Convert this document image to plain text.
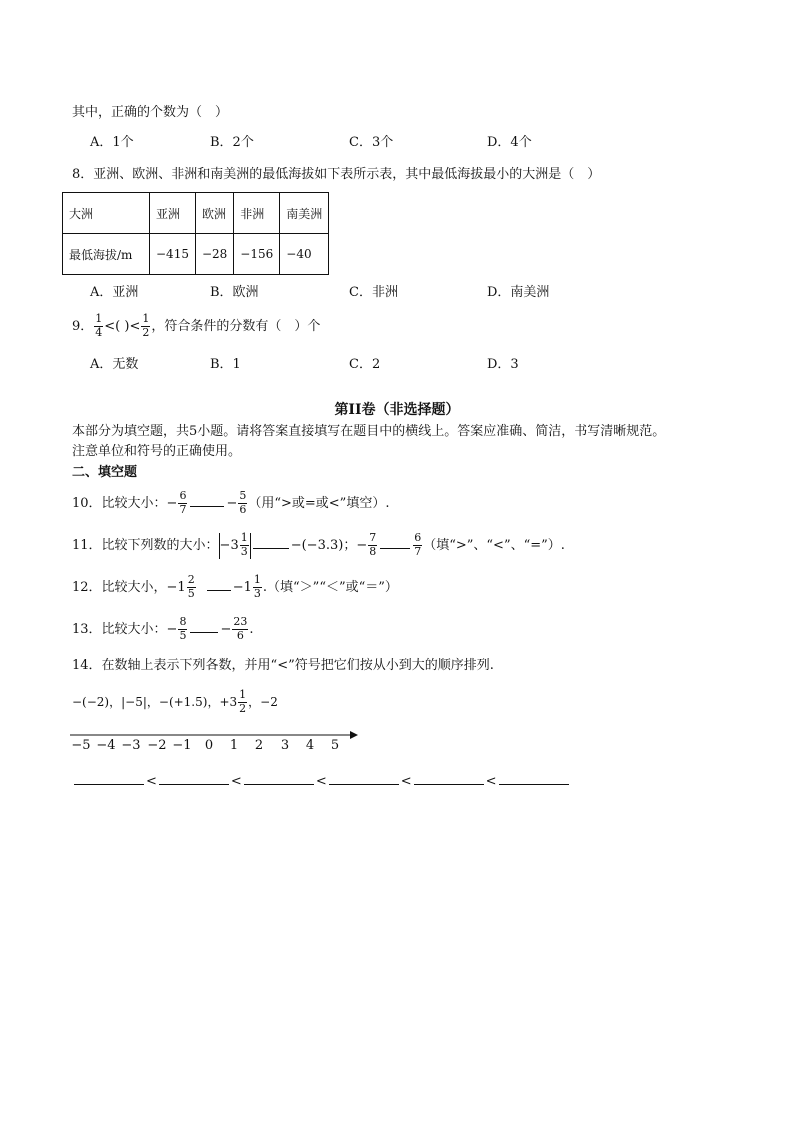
其中，正确的个数为（　）
A．1个	B．2个	C．3个	D．4个
8．亚洲、欧洲、非洲和南美洲的最低海拔如下表所示表，其中最低海拔最小的大洲是（　）
大洲	亚洲	欧洲	非洲	南美洲
最低海拔/m	−415	−28	−156	−40
A．亚洲	B．欧洲	C．非洲	D．南美洲
9． $\frac{1}{4}$ <( )< $\frac{1}{2}$ ，符合条件的分数有（　）个
A．无数	B．1	C．2	D．3
第II卷（非选择题）
本部分为填空题，共5小题。请将答案直接填写在题目中的横线上。答案应准确、简洁，书写清晰规范。
注意单位和符号的正确使用。
二、填空题
10．比较大小：− $\frac{6}{7}$	− $\frac{5}{6}$ （用“>或=或<”填空）.
11．比较下列数的大小：$-3 \frac{1}{3}$	−(−3.3)；− $\frac{7}{8}$	$\frac{6}{7}$ （填“>”、“<”、“=”）.
12．比较大小，$-1 \frac{2}{5}$	$-1 \frac{1}{3}$ .（填“＞”“＜”或“＝”）
13．比较大小：− $\frac{8}{5}$	− $\frac{23}{6}$ .
14．在数轴上表示下列各数，并用“<”符号把它们按从小到大的顺序排列.
−(−2)，|−5|，−(+1.5)，$+3 \frac{1}{2}$ ，−2
−5 −4 −3 −2 −1	0	1	2	3	4	5
<	<	<	<	<
